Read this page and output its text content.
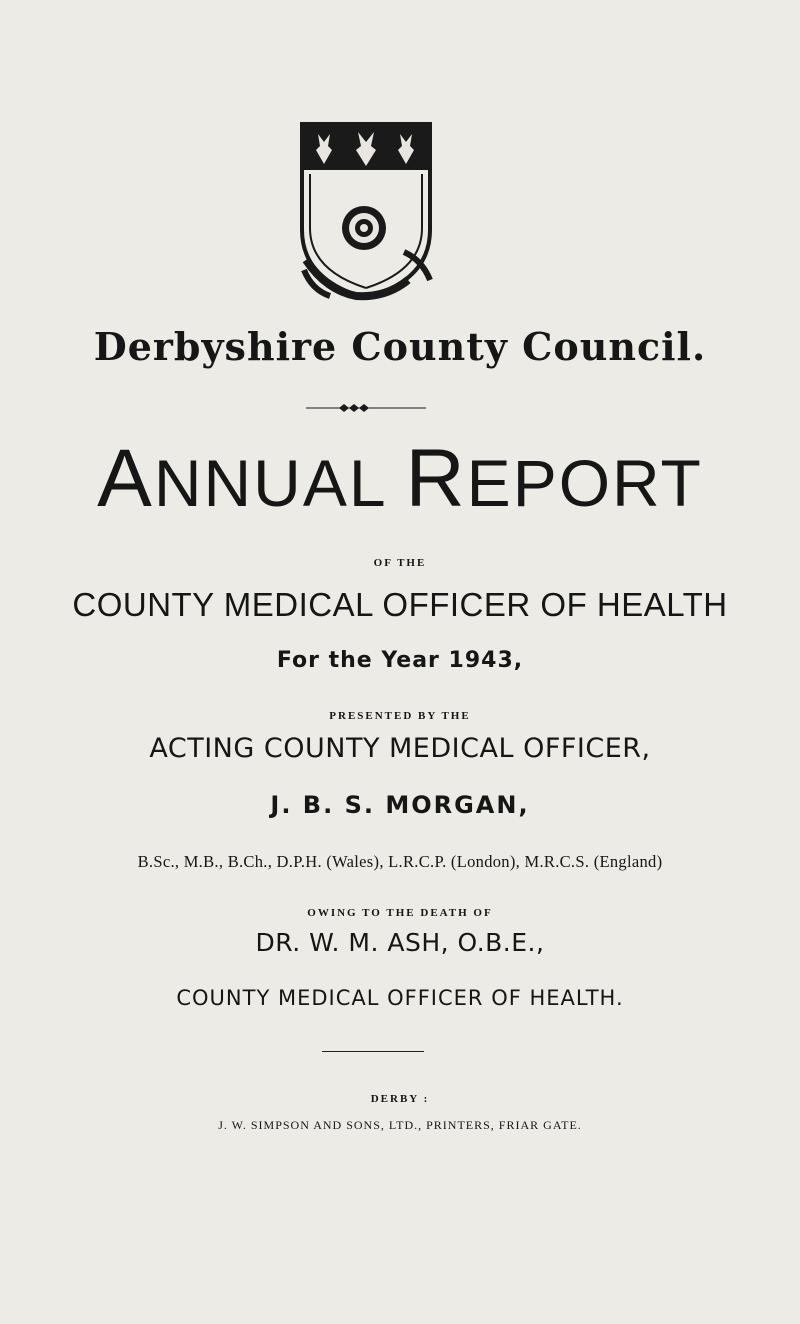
Derbyshire County Council.
ANNUAL REPORT
OF THE
COUNTY MEDICAL OFFICER OF HEALTH
For the Year 1943,
PRESENTED BY THE
ACTING COUNTY MEDICAL OFFICER,
J. B. S. MORGAN,
B.Sc., M.B., B.Ch., D.P.H. (Wales), L.R.C.P. (London), M.R.C.S. (England)
OWING TO THE DEATH OF
DR. W. M. ASH, O.B.E.,
COUNTY MEDICAL OFFICER OF HEALTH.
DERBY :
J. W. SIMPSON AND SONS, LTD., PRINTERS, FRIAR GATE.
